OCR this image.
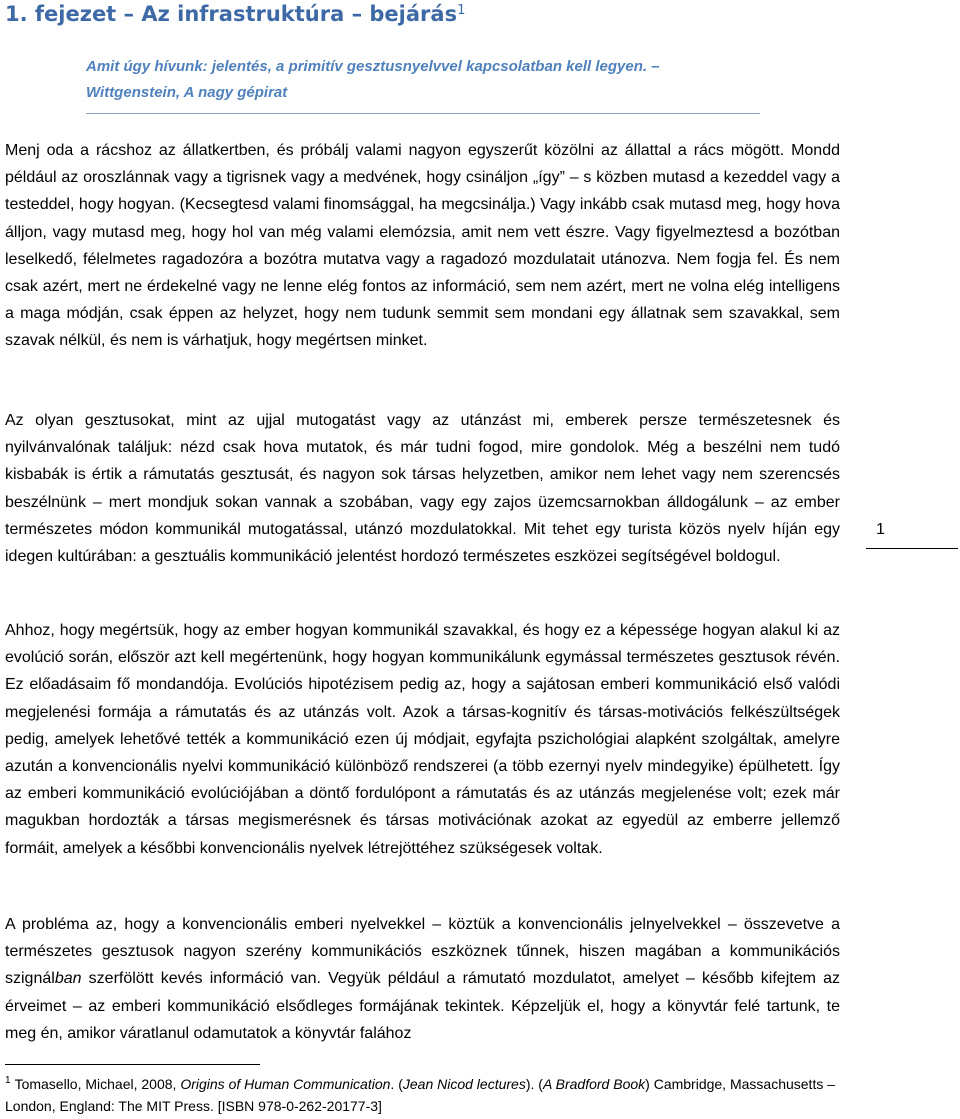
1. fejezet – Az infrastruktúra – bejárás$^1$
Amit úgy hívunk: jelentés, a primitív gesztusnyelvvel kapcsolatban kell legyen. –
Wittgenstein, A nagy gépirat
Menj oda a rácshoz az állatkertben, és próbálj valami nagyon egyszerűt közölni az állattal a rács mögött. Mondd például az oroszlánnak vagy a tigrisnek vagy a medvének, hogy csináljon „így” – s közben mutasd a kezeddel vagy a testeddel, hogy hogyan. (Kecsegtesd valami finomsággal, ha megcsinálja.) Vagy inkább csak mutasd meg, hogy hova álljon, vagy mutasd meg, hogy hol van még valami elemózsia, amit nem vett észre. Vagy figyelmeztesd a bozótban leselkedő, félelmetes ragadozóra a bozótra mutatva vagy a ragadozó mozdulatait utánozva. Nem fogja fel. És nem csak azért, mert ne érdekelné vagy ne lenne elég fontos az információ, sem nem azért, mert ne volna elég intelligens a maga módján, csak éppen az helyzet, hogy nem tudunk semmit sem mondani egy állatnak sem szavakkal, sem szavak nélkül, és nem is várhatjuk, hogy megértsen minket.
Az olyan gesztusokat, mint az ujjal mutogatást vagy az utánzást mi, emberek persze természetesnek és nyilvánvalónak találjuk: nézd csak hova mutatok, és már tudni fogod, mire gondolok. Még a beszélni nem tudó kisbabák is értik a rámutatás gesztusát, és nagyon sok társas helyzetben, amikor nem lehet vagy nem szerencsés beszélnünk – mert mondjuk sokan vannak a szobában, vagy egy zajos üzemcsarnokban álldogálunk – az ember természetes módon kommunikál mutogatással, utánzó mozdulatokkal. Mit tehet egy turista közös nyelv híján egy idegen kultúrában: a gesztuális kommunikáció jelentést hordozó természetes eszközei segítségével boldogul.
Ahhoz, hogy megértsük, hogy az ember hogyan kommunikál szavakkal, és hogy ez a képessége hogyan alakul ki az evolúció során, először azt kell megértenünk, hogy hogyan kommunikálunk egymással természetes gesztusok révén. Ez előadásaim fő mondandója. Evolúciós hipotézisem pedig az, hogy a sajátosan emberi kommunikáció első valódi megjelenési formája a rámutatás és az utánzás volt. Azok a társas-kognitív és társas-motivációs felkészültségek pedig, amelyek lehetővé tették a kommunikáció ezen új módjait, egyfajta pszichológiai alapként szolgáltak, amelyre azután a konvencionális nyelvi kommunikáció különböző rendszerei (a több ezernyi nyelv mindegyike) épülhetett. Így az emberi kommunikáció evolúciójában a döntő fordulópont a rámutatás és az utánzás megjelenése volt; ezek már magukban hordozták a társas megismerésnek és társas motivációnak azokat az egyedül az emberre jellemző formáit, amelyek a későbbi konvencionális nyelvek létrejöttéhez szükségesek voltak.
A probléma az, hogy a konvencionális emberi nyelvekkel – köztük a konvencionális jelnyelvekkel – összevetve a természetes gesztusok nagyon szerény kommunikációs eszköznek tűnnek, hiszen magában a kommunikációs szignálban szerfölött kevés információ van. Vegyük például a rámutató mozdulatot, amelyet – később kifejtem az érveimet – az emberi kommunikáció elsődleges formájának tekintek. Képzeljük el, hogy a könyvtár felé tartunk, te meg én, amikor váratlanul odamutatok a könyvtár falához
1
$^1$ Tomasello, Michael, 2008, Origins of Human Communication. (Jean Nicod lectures). (A Bradford Book) Cambridge, Massachusetts – London, England: The MIT Press. [ISBN 978-0-262-20177-3]
